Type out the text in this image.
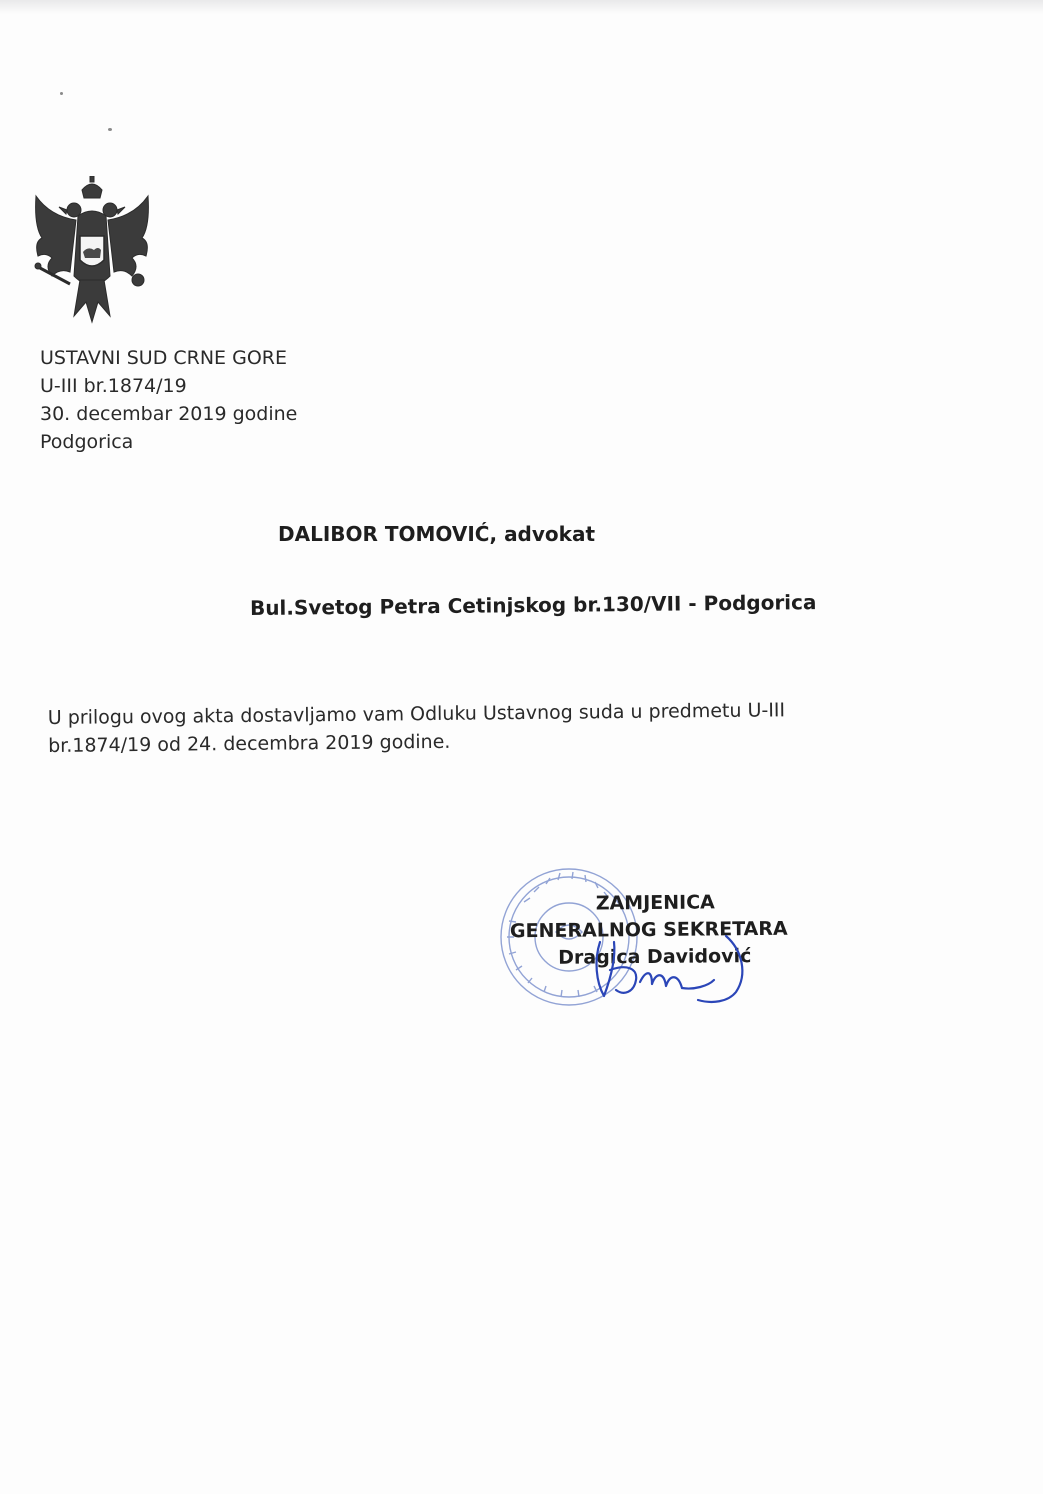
USTAVNI SUD CRNE GORE
U-III br.1874/19
30. decembar 2019 godine
Podgorica
DALIBOR TOMOVIĆ, advokat
Bul.Svetog Petra Cetinjskog br.130/VII - Podgorica
U prilogu ovog akta dostavljamo vam Odluku Ustavnog suda u predmetu U-III br.1874/19 od 24. decembra 2019 godine.
ZAMJENICA
GENERALNOG SEKRETARA
Dragica Davidović
